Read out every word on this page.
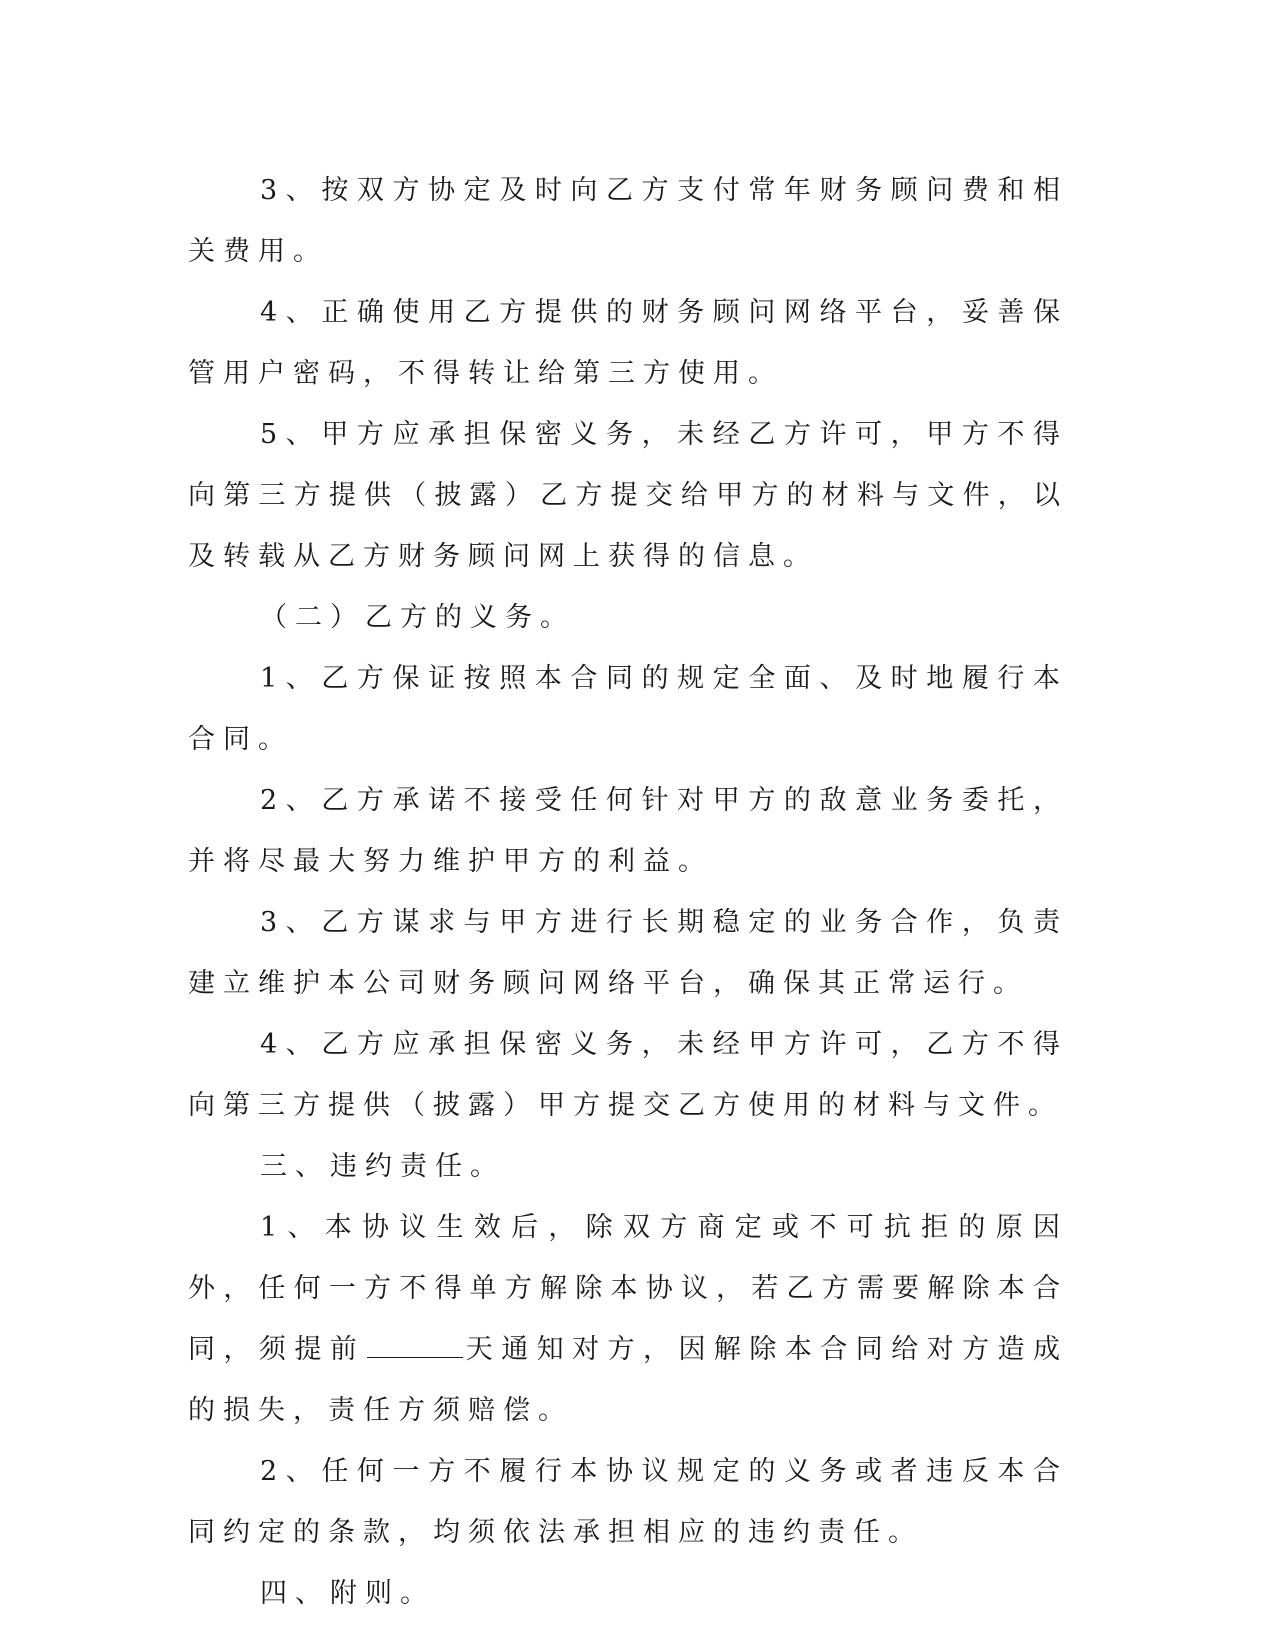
3、按双方协定及时向乙方支付常年财务顾问费和相关费用。

4、正确使用乙方提供的财务顾问网络平台，妥善保管用户密码，不得转让给第三方使用。

5、甲方应承担保密义务，未经乙方许可，甲方不得向第三方提供（披露）乙方提交给甲方的材料与文件，以及转载从乙方财务顾问网上获得的信息。

（二）乙方的义务。

1、乙方保证按照本合同的规定全面、及时地履行本合同。

2、乙方承诺不接受任何针对甲方的敌意业务委托，并将尽最大努力维护甲方的利益。

3、乙方谋求与甲方进行长期稳定的业务合作，负责建立维护本公司财务顾问网络平台，确保其正常运行。

4、乙方应承担保密义务，未经甲方许可，乙方不得向第三方提供（披露）甲方提交乙方使用的材料与文件。

三、违约责任。

1、本协议生效后，除双方商定或不可抗拒的原因外，任何一方不得单方解除本协议，若乙方需要解除本合同，须提前	天通知对方，因解除本合同给对方造成的损失，责任方须赔偿。

2、任何一方不履行本协议规定的义务或者违反本合同约定的条款，均须依法承担相应的违约责任。

四、附则。
